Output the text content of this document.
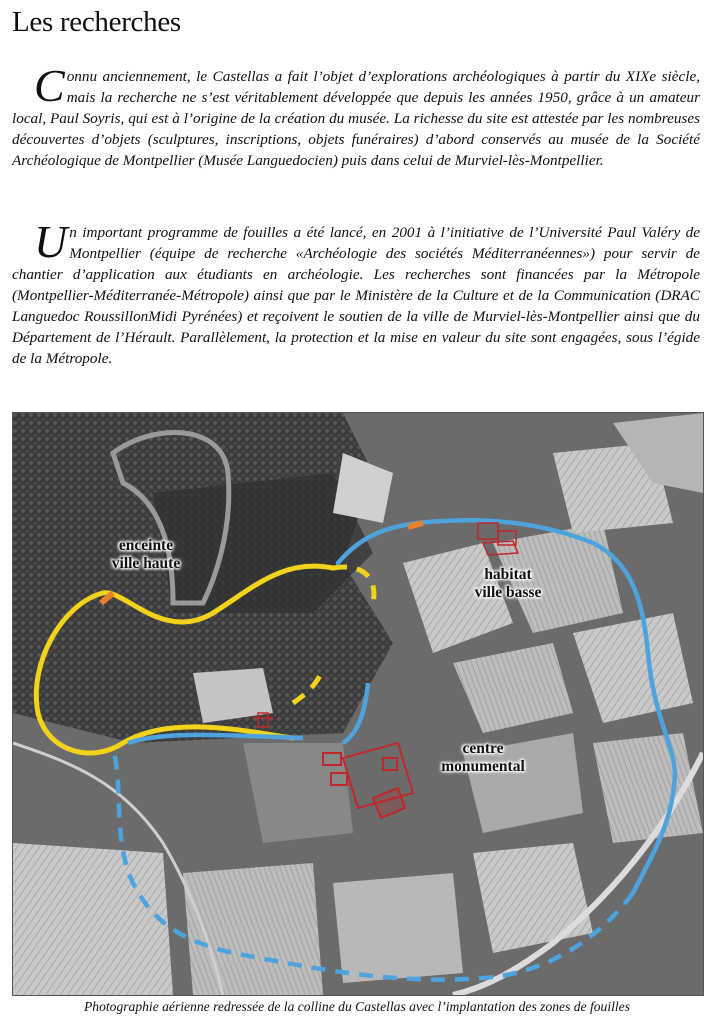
Les recherches

Connu anciennement, le Castellas a fait l’objet d’explorations archéologiques à partir du XIXe siècle, mais la recherche ne s’est véritablement développée que depuis les années 1950, grâce à un amateur local, Paul Soyris, qui est à l’origine de la création du musée. La richesse du site est attestée par les nombreuses découvertes d’objets (sculptures, inscriptions, objets funéraires) d’abord conservés au musée de la Société Archéologique de Montpellier (Musée Languedocien) puis dans celui de Murviel-lès-Montpellier.

Un important programme de fouilles a été lancé, en 2001 à l’initiative de l’Université Paul Valéry de Montpellier (équipe de recherche «Archéologie des sociétés Méditerranéennes») pour servir de chantier d’application aux étudiants en archéologie. Les recherches sont financées par la Métropole (Montpellier-Méditerranée-Métropole) ainsi que par le Ministère de la Culture et de la Communication (DRAC Languedoc RoussillonMidi Pyrénées) et reçoivent le soutien de la ville de Murviel-lès-Montpellier ainsi que du Département de l’Hérault. Parallèlement, la protection et la mise en valeur du site sont engagées, sous l’égide de la Métropole.

enceinte
ville haute
habitat
ville basse
centre
monumental
Photographie aérienne redressée de la colline du Castellas avec l’implantation des zones de fouilles
